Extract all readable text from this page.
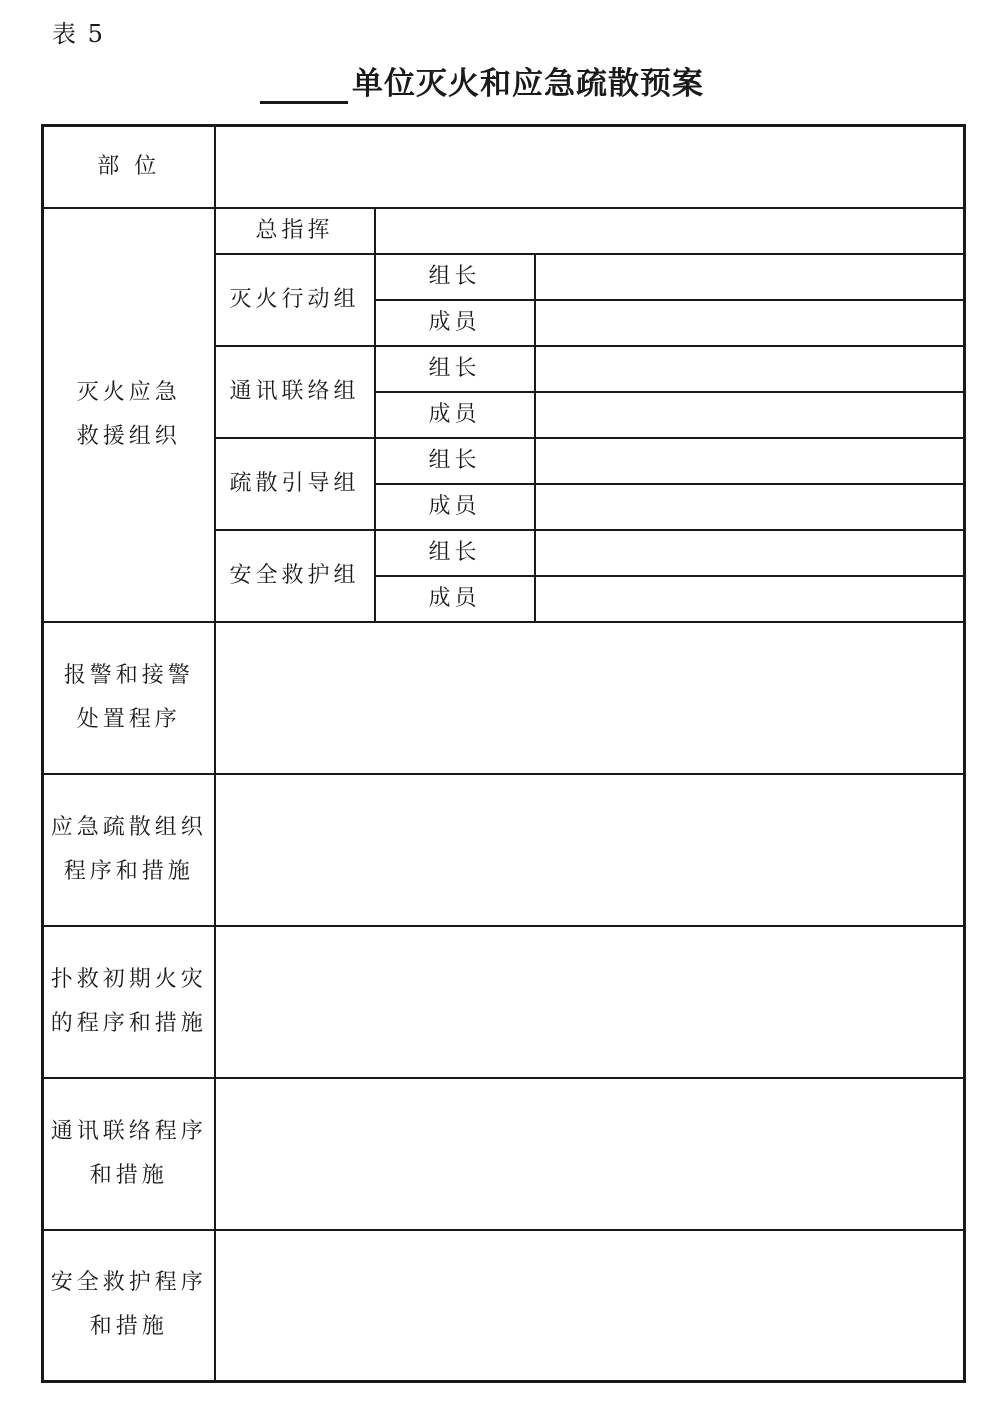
表 5
单位灭火和应急疏散预案
部 位			
灭火应急
救援组织	总指挥		
	灭火行动组	组长	
		成员	
	通讯联络组	组长	
		成员	
	疏散引导组	组长	
		成员	
	安全救护组	组长	
		成员	
报警和接警
处置程序			
应急疏散组织
程序和措施			
扑救初期火灾
的程序和措施			
通讯联络程序
和措施			
安全救护程序
和措施			
